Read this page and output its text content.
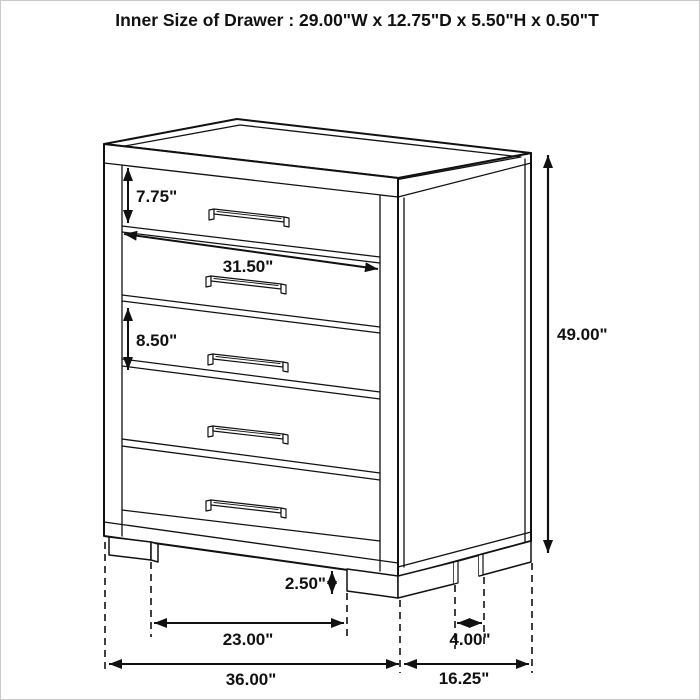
Inner Size of Drawer : 29.00"W x 12.75"D x 5.50"H x 0.50"T
7.75"
31.50"
8.50"	49.00"
2.50"
23.00"	4.00"
36.00"	16.25"
